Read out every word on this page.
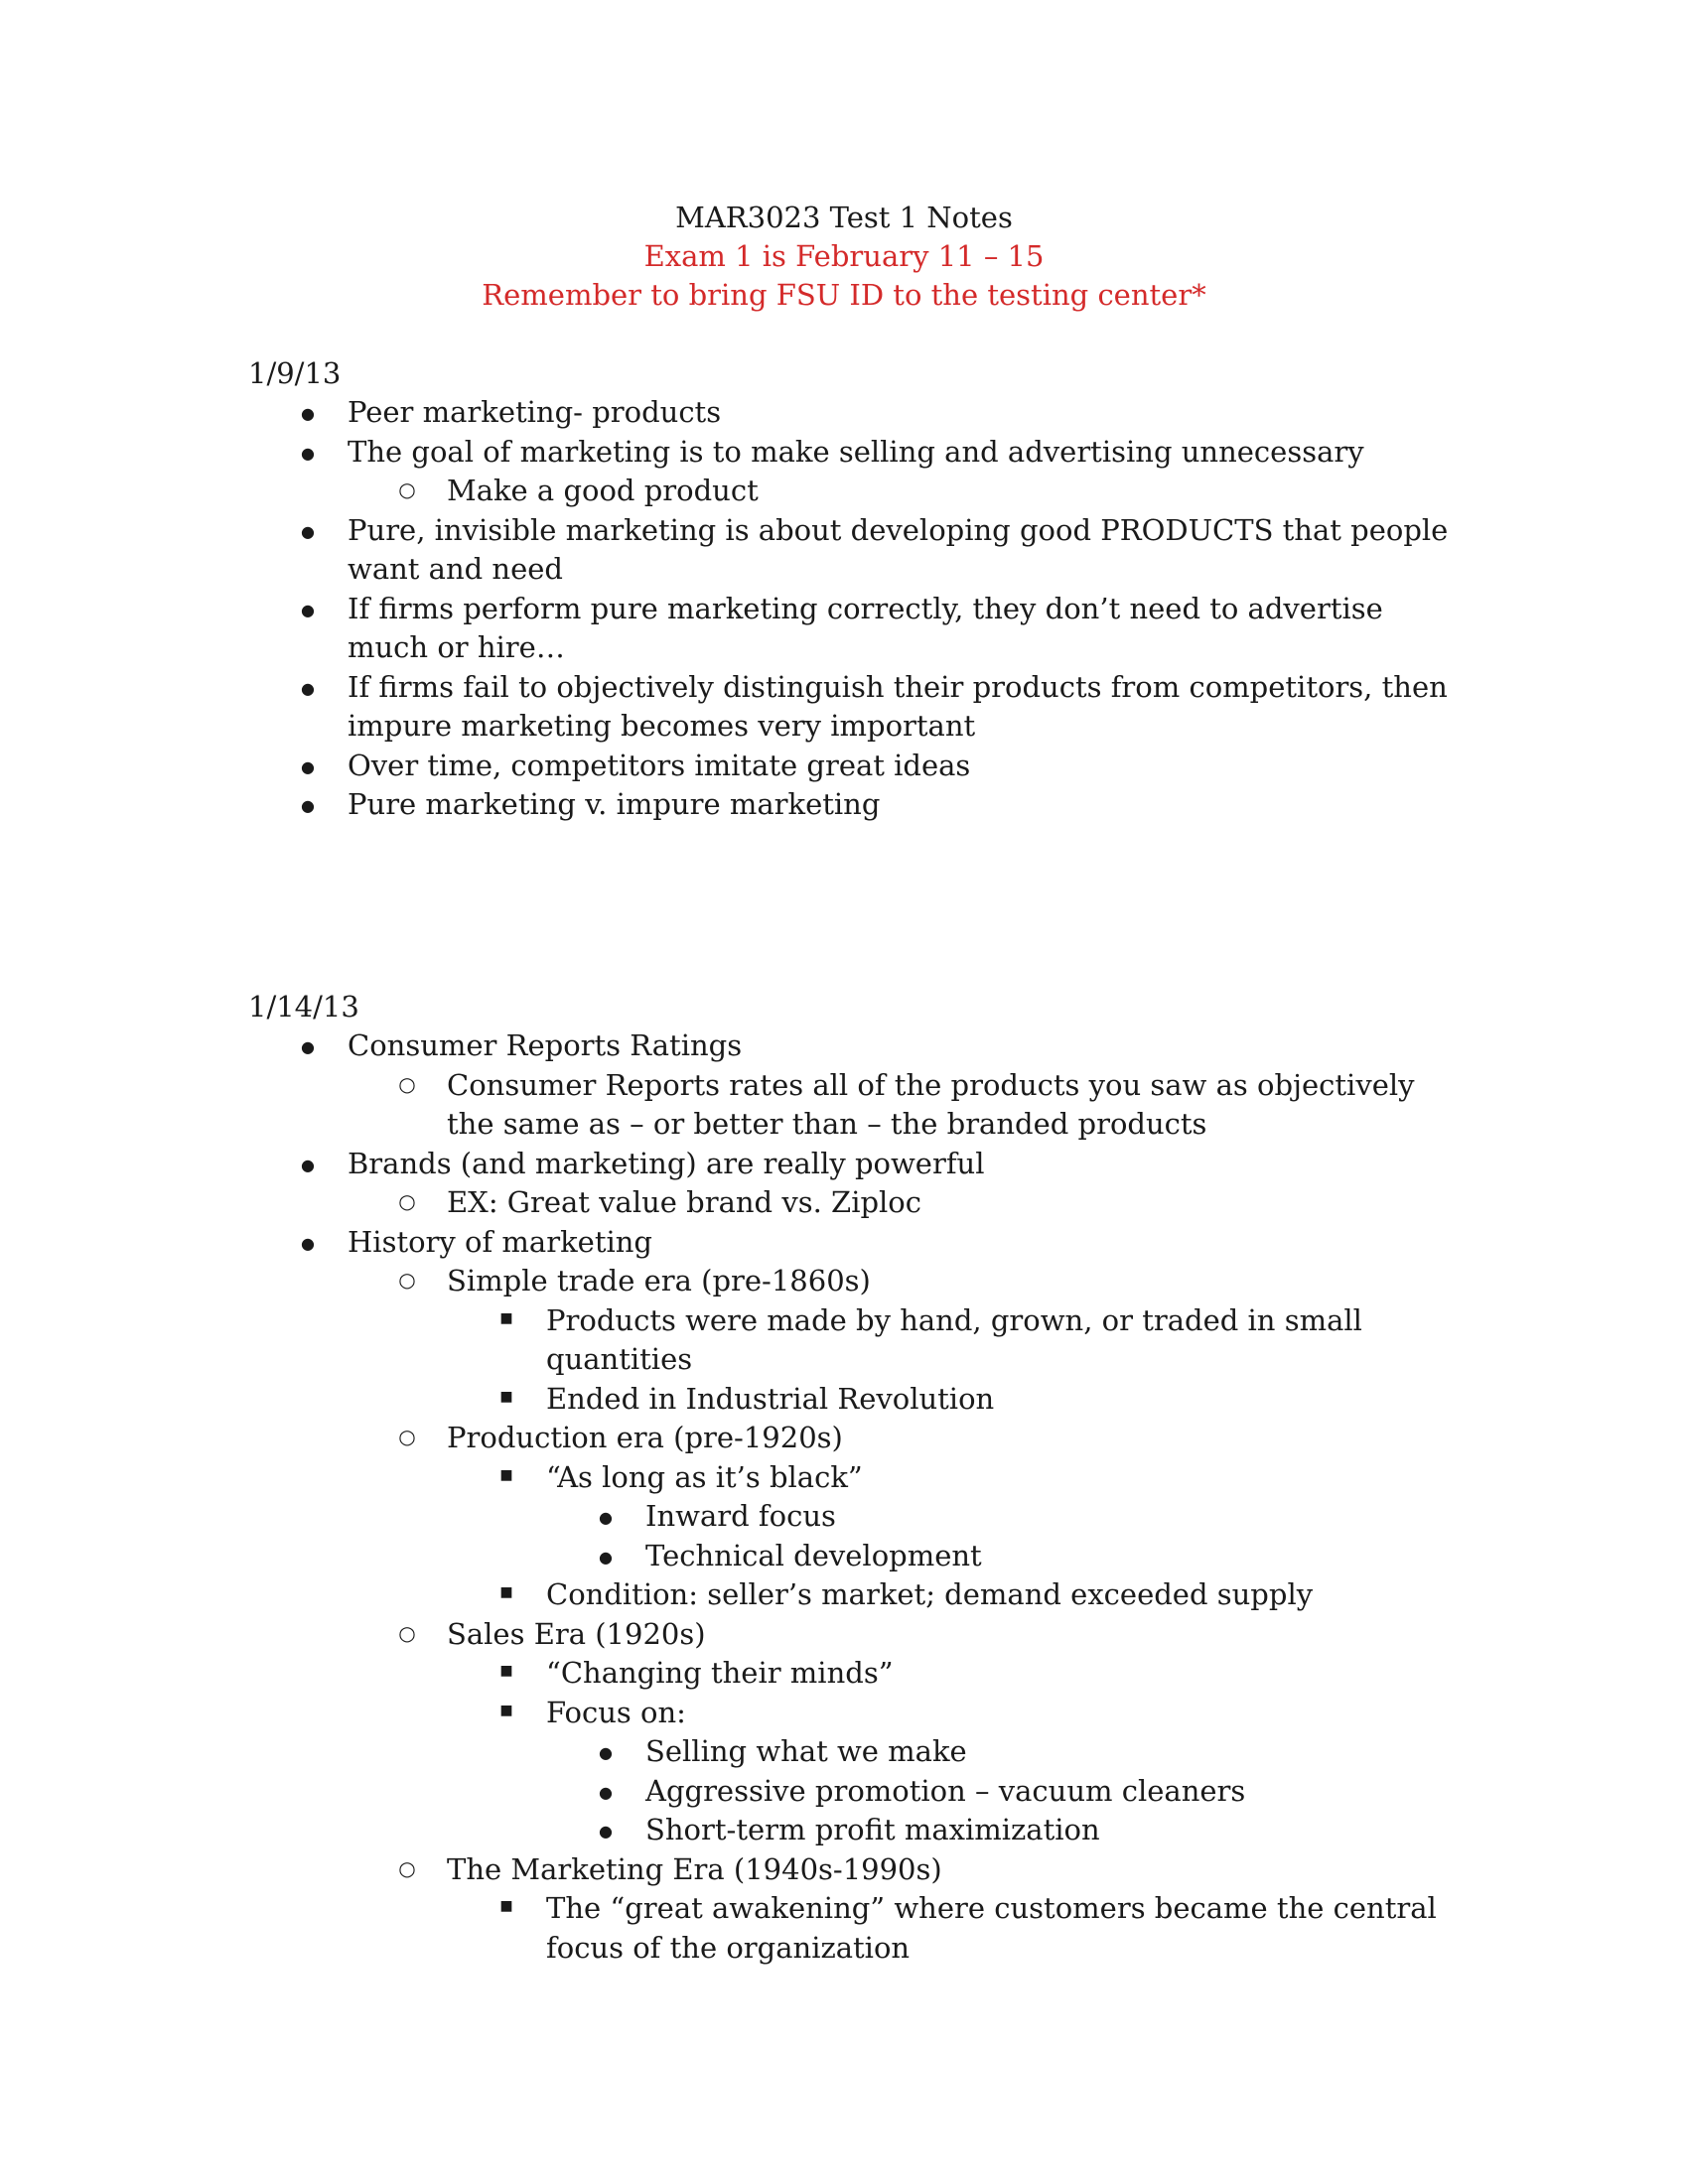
MAR3023 Test 1 Notes
Exam 1 is February 11 – 15
Remember to bring FSU ID to the testing center*
1/9/13
●
Peer marketing- products
●
The goal of marketing is to make selling and advertising unnecessary
○
Make a good product
●
Pure, invisible marketing is about developing good PRODUCTS that people want and need
●
If firms perform pure marketing correctly, they don’t need to advertise much or hire…
●
If firms fail to objectively distinguish their products from competitors, then impure marketing becomes very important
●
Over time, competitors imitate great ideas
●
Pure marketing v. impure marketing
1/14/13
●
Consumer Reports Ratings
○
Consumer Reports rates all of the products you saw as objectively the same as – or better than – the branded products
●
Brands (and marketing) are really powerful
○
EX: Great value brand vs. Ziploc
●
History of marketing
○
Simple trade era (pre-1860s)
■
Products were made by hand, grown, or traded in small quantities
■
Ended in Industrial Revolution
○
Production era (pre-1920s)
■
“As long as it’s black”
●
Inward focus
●
Technical development
■
Condition: seller’s market; demand exceeded supply
○
Sales Era (1920s)
■
“Changing their minds”
■
Focus on:
●
Selling what we make
●
Aggressive promotion – vacuum cleaners
●
Short-term profit maximization
○
The Marketing Era (1940s-1990s)
■
The “great awakening” where customers became the central focus of the organization
